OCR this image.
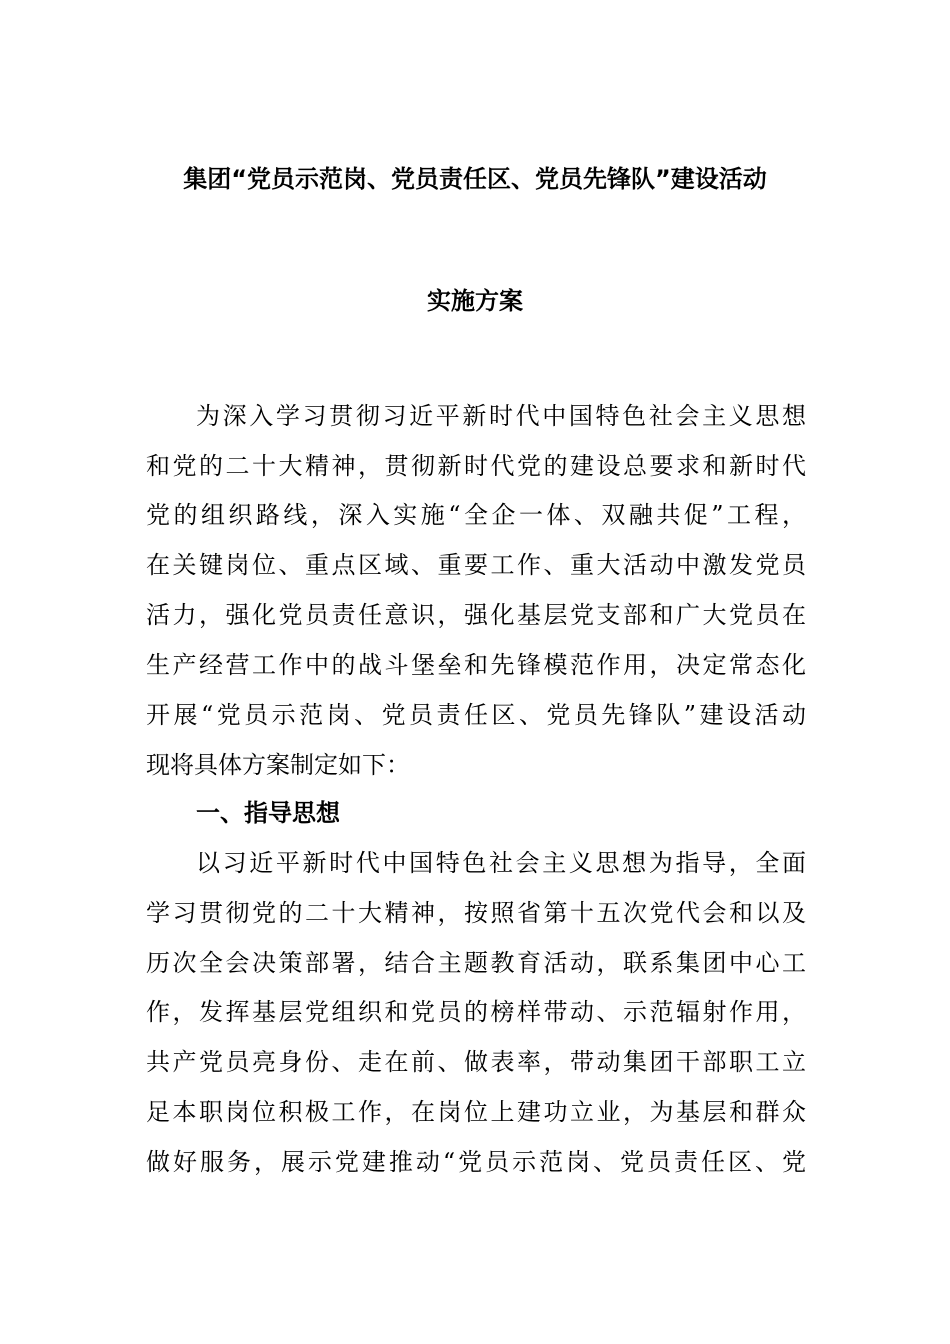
集团“党员示范岗、党员责任区、党员先锋队”建设活动
实施方案
为深入学习贯彻习近平新时代中国特色社会主义思想
和党的二十大精神，贯彻新时代党的建设总要求和新时代
党的组织路线，深入实施“全企一体、双融共促”工程，
在关键岗位、重点区域、重要工作、重大活动中激发党员
活力，强化党员责任意识，强化基层党支部和广大党员在
生产经营工作中的战斗堡垒和先锋模范作用，决定常态化
开展“党员示范岗、党员责任区、党员先锋队”建设活动
现将具体方案制定如下：
一、指导思想
以习近平新时代中国特色社会主义思想为指导，全面
学习贯彻党的二十大精神，按照省第十五次党代会和以及
历次全会决策部署，结合主题教育活动，联系集团中心工
作，发挥基层党组织和党员的榜样带动、示范辐射作用，
共产党员亮身份、走在前、做表率，带动集团干部职工立
足本职岗位积极工作，在岗位上建功立业，为基层和群众
做好服务，展示党建推动“党员示范岗、党员责任区、党
